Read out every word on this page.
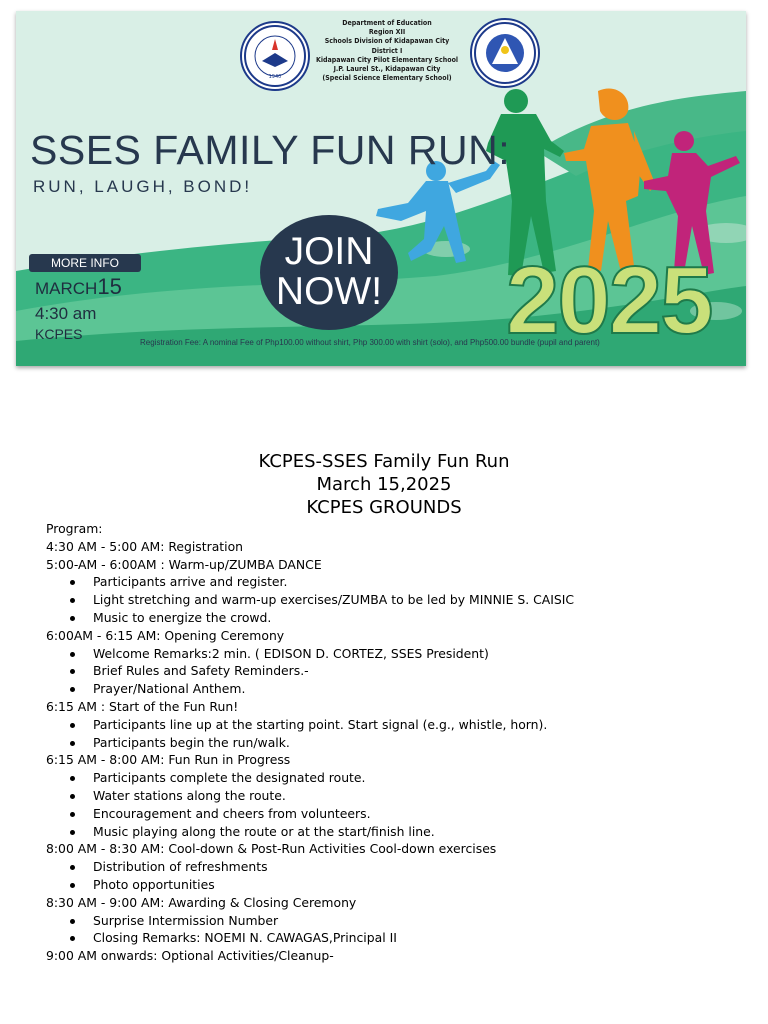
1940
Department of Education
Region XII
Schools Division of Kidapawan City
District I
Kidapawan City Pilot Elementary School
J.P. Laurel St., Kidapawan City
(Special Science Elementary School)
SSES FAMILY FUN RUN:
RUN, LAUGH, BOND!
MORE INFO
MARCH15
4:30 am
KCPES
JOIN
NOW! 2025
Registration Fee: A nominal Fee of Php100.00 without shirt, Php 300.00 with shirt (solo), and Php500.00 bundle (pupil and parent)
KCPES-SSES Family Fun Run
March 15,2025
KCPES GROUNDS
Program:
4:30 AM - 5:00 AM: Registration
5:00-AM - 6:00AM : Warm-up/ZUMBA DANCE
Participants arrive and register.
Light stretching and warm-up exercises/ZUMBA to be led by MINNIE S. CAISIC
Music to energize the crowd.
6:00AM - 6:15 AM: Opening Ceremony
Welcome Remarks:2 min. ( EDISON D. CORTEZ, SSES President)
Brief Rules and Safety Reminders.-
Prayer/National Anthem.
6:15 AM : Start of the Fun Run!
Participants line up at the starting point. Start signal (e.g., whistle, horn).
Participants begin the run/walk.
6:15 AM - 8:00 AM: Fun Run in Progress
Participants complete the designated route.
Water stations along the route.
Encouragement and cheers from volunteers.
Music playing along the route or at the start/finish line.
8:00 AM - 8:30 AM: Cool-down & Post-Run Activities Cool-down exercises
Distribution of refreshments
Photo opportunities
8:30 AM - 9:00 AM: Awarding & Closing Ceremony
Surprise Intermission Number
Closing Remarks: NOEMI N. CAWAGAS,Principal II
9:00 AM onwards: Optional Activities/Cleanup-
